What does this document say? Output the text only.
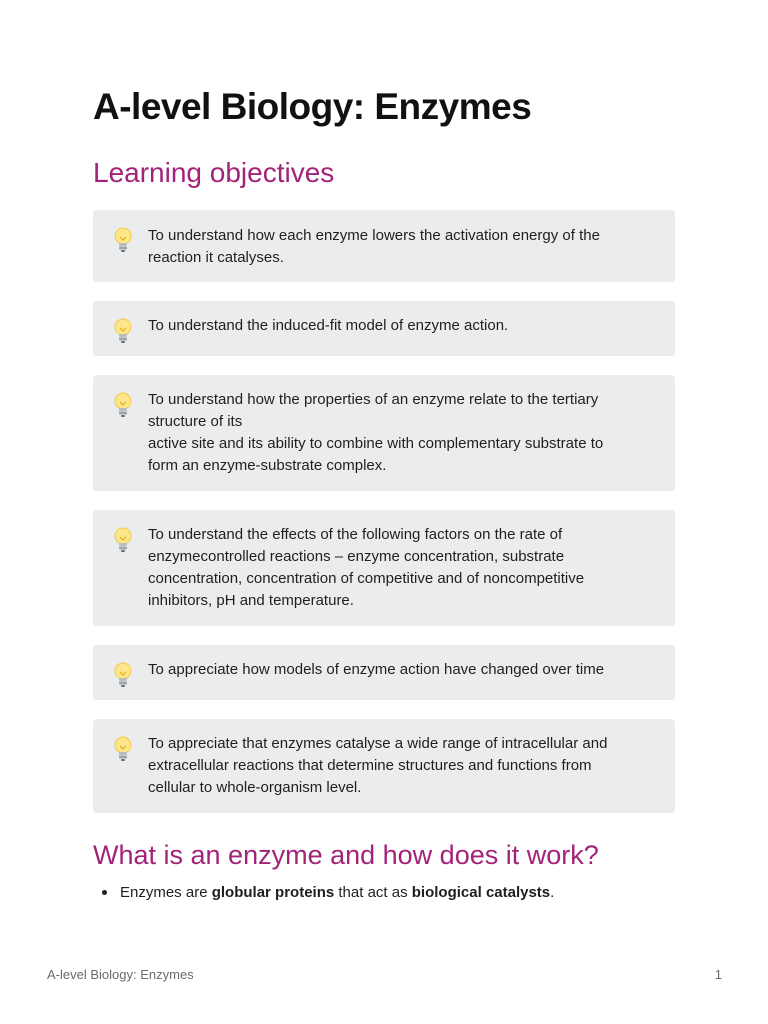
A-level Biology: Enzymes
Learning objectives
To understand how each enzyme lowers the activation energy of the
reaction it catalyses.
To understand the induced-fit model of enzyme action.
To understand how the properties of an enzyme relate to the tertiary
structure of its
active site and its ability to combine with complementary substrate to
form an enzyme-substrate complex.
To understand the effects of the following factors on the rate of
enzymecontrolled reactions – enzyme concentration, substrate
concentration, concentration of competitive and of noncompetitive
inhibitors, pH and temperature.
To appreciate how models of enzyme action have changed over time
To appreciate that enzymes catalyse a wide range of intracellular and
extracellular reactions that determine structures and functions from
cellular to whole-organism level.
What is an enzyme and how does it work?
Enzymes are globular proteins that act as biological catalysts.
A-level Biology: Enzymes	1
